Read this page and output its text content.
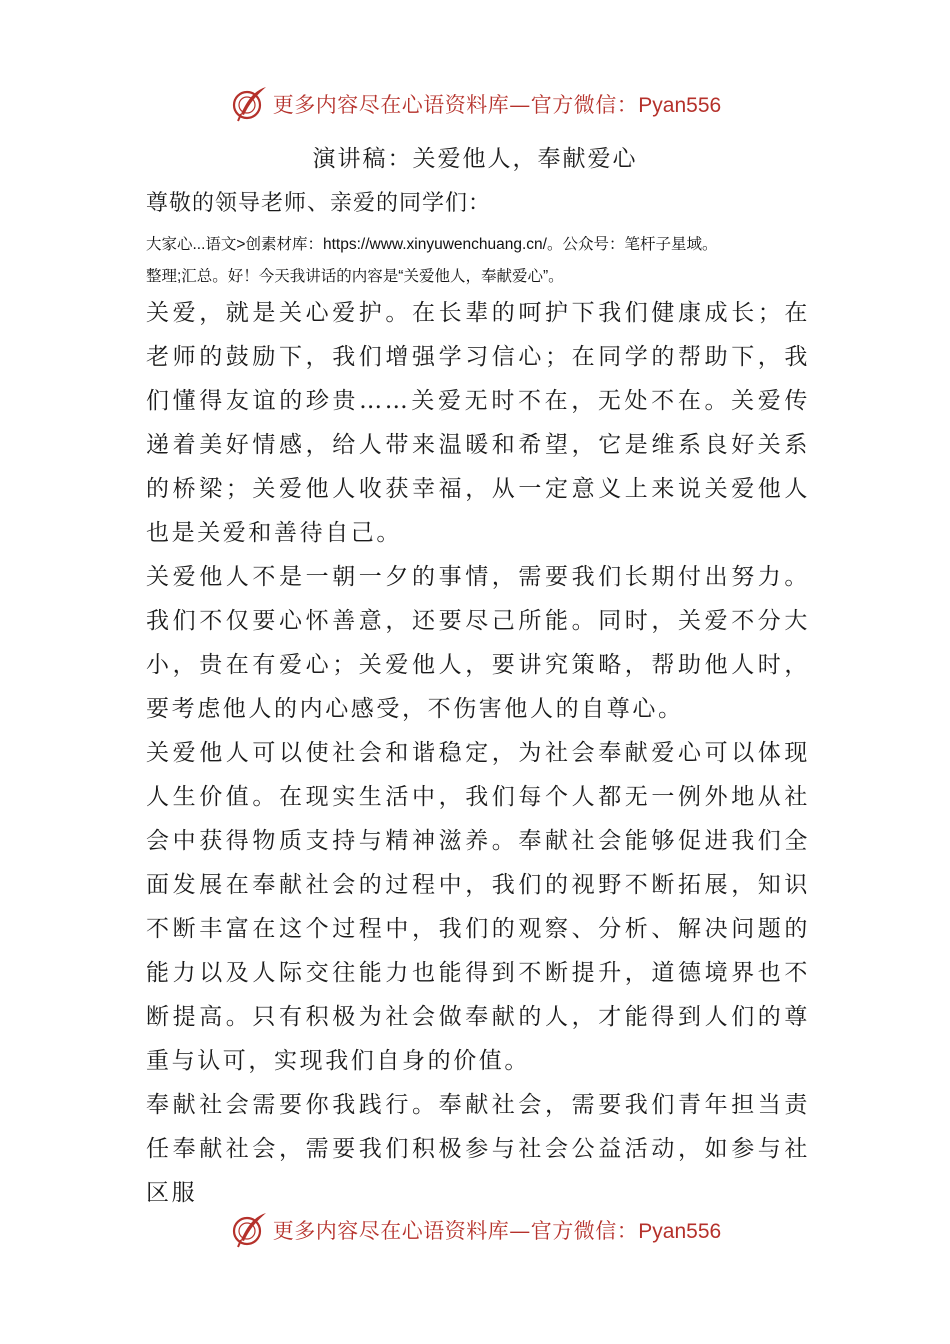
更多内容尽在心语资料库—官方微信：Pyan556
演讲稿：关爱他人，奉献爱心
尊敬的领导老师、亲爱的同学们：
大家心...语文>创素材库：https://www.xinyuwenchuang.cn/。公众号：笔杆子星域。
整理;汇总。好！今天我讲话的内容是“关爱他人，奉献爱心”。

关爱，就是关心爱护。在长辈的呵护下我们健康成长；在老师的鼓励下，我们增强学习信心；在同学的帮助下，我们懂得友谊的珍贵……关爱无时不在，无处不在。关爱传递着美好情感，给人带来温暖和希望，它是维系良好关系的桥梁；关爱他人收获幸福，从一定意义上来说关爱他人也是关爱和善待自己。

关爱他人不是一朝一夕的事情，需要我们长期付出努力。我们不仅要心怀善意，还要尽己所能。同时，关爱不分大小，贵在有爱心；关爱他人，要讲究策略，帮助他人时，要考虑他人的内心感受，不伤害他人的自尊心。

关爱他人可以使社会和谐稳定，为社会奉献爱心可以体现人生价值。在现实生活中，我们每个人都无一例外地从社会中获得物质支持与精神滋养。奉献社会能够促进我们全面发展在奉献社会的过程中，我们的视野不断拓展，知识不断丰富在这个过程中，我们的观察、分析、解决问题的能力以及人际交往能力也能得到不断提升，道德境界也不断提高。只有积极为社会做奉献的人，才能得到人们的尊重与认可，实现我们自身的价值。

奉献社会需要你我践行。奉献社会，需要我们青年担当责任奉献社会，需要我们积极参与社会公益活动，如参与社区服

更多内容尽在心语资料库—官方微信：Pyan556
